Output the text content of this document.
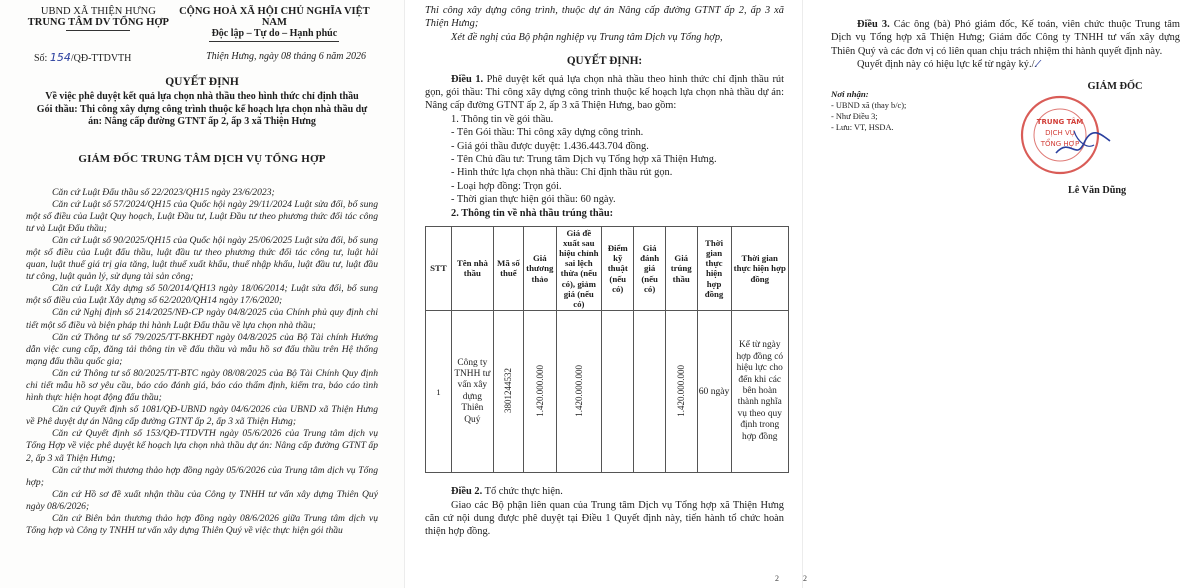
UBND XÃ THIỆN HƯNG
TRUNG TÂM DV TỔNG HỢP
CỘNG HOÀ XÃ HỘI CHỦ NGHĨA VIỆT NAM
Độc lập – Tự do – Hạnh phúc
Số: 154/QĐ-TTDVTH	Thiện Hưng, ngày 08 tháng 6 năm 2026
QUYẾT ĐỊNH
Về việc phê duyệt kết quả lựa chọn nhà thầu theo hình thức chỉ định thầu
Gói thầu: Thi công xây dựng công trình thuộc kế hoạch lựa chọn nhà thầu dự
án: Nâng cấp đường GTNT ấp 2, ấp 3 xã Thiện Hưng
GIÁM ĐỐC TRUNG TÂM DỊCH VỤ TỔNG HỢP

Căn cứ Luật Đấu thầu số 22/2023/QH15 ngày 23/6/2023;

Căn cứ Luật số 57/2024/QH15 của Quốc hội ngày 29/11/2024 Luật sửa đổi, bổ sung một số điều của Luật Quy hoạch, Luật Đầu tư, Luật Đầu tư theo phương thức đối tác công tư và Luật Đấu thầu;

Căn cứ Luật số 90/2025/QH15 của Quốc hội ngày 25/06/2025 Luật sửa đổi, bổ sung một số điều của Luật đấu thầu, luật đầu tư theo phương thức đối tác công tư, luật hải quan, luật thuế giá trị gia tăng, luật thuế xuất khẩu, thuế nhập khẩu, luật đầu tư, luật đầu tư công, luật quản lý, sử dụng tài sản công;

Căn cứ Luật Xây dựng số 50/2014/QH13 ngày 18/06/2014; Luật sửa đổi, bổ sung một số điều của Luật Xây dựng số 62/2020/QH14 ngày 17/6/2020;

Căn cứ Nghị định số 214/2025/NĐ-CP ngày 04/8/2025 của Chính phủ quy định chi tiết một số điều và biện pháp thi hành Luật Đấu thầu về lựa chọn nhà thầu;

Căn cứ Thông tư số 79/2025/TT-BKHĐT ngày 04/8/2025 của Bộ Tài chính Hướng dẫn việc cung cấp, đăng tải thông tin về đấu thầu và mẫu hồ sơ đấu thầu trên Hệ thống mạng đấu thầu quốc gia;

Căn cứ Thông tư số 80/2025/TT-BTC ngày 08/08/2025 của Bộ Tài Chính Quy định chi tiết mẫu hồ sơ yêu cầu, báo cáo đánh giá, báo cáo thẩm định, kiểm tra, báo cáo tình hình thực hiện hoạt động đấu thầu;

Căn cứ Quyết định số 1081/QĐ-UBND ngày 04/6/2026 của UBND xã Thiện Hưng về Phê duyệt dự án Nâng cấp đường GTNT ấp 2, ấp 3 xã Thiện Hưng;

Căn cứ Quyết định số 153/QĐ-TTDVTH ngày 05/6/2026 của Trung tâm dịch vụ Tổng Hợp về việc phê duyệt kế hoạch lựa chọn nhà thầu dự án: Nâng cấp đường GTNT ấp 2, ấp 3 xã Thiện Hưng;

Căn cứ thư mời thương thảo hợp đồng ngày 05/6/2026 của Trung tâm dịch vụ Tổng hợp;

Căn cứ Hồ sơ đề xuất nhận thầu của Công ty TNHH tư vấn xây dựng Thiên Quý ngày 08/6/2026;

Căn cứ Biên bản thương thảo hợp đồng ngày 08/6/2026 giữa Trung tâm dịch vụ Tổng hợp và Công ty TNHH tư vấn xây dựng Thiên Quý về việc thực hiện gói thầu

Thi công xây dựng công trình, thuộc dự án Nâng cấp đường GTNT ấp 2, ấp 3 xã Thiện Hưng;
Xét đề nghị của Bộ phận nghiệp vụ Trung tâm Dịch vụ Tổng hợp,
QUYẾT ĐỊNH:
Điều 1. Phê duyệt kết quả lựa chọn nhà thầu theo hình thức chỉ định thầu rút gọn, gói thầu: Thi công xây dựng công trình thuộc kế hoạch lựa chọn nhà thầu dự án: Nâng cấp đường GTNT ấp 2, ấp 3 xã Thiện Hưng, bao gồm:
1. Thông tin về gói thầu.
- Tên Gói thầu: Thi công xây dựng công trình.
- Giá gói thầu được duyệt: 1.436.443.704 đồng.
- Tên Chủ đầu tư: Trung tâm Dịch vụ Tổng hợp xã Thiện Hưng.
- Hình thức lựa chọn nhà thầu: Chỉ định thầu rút gọn.
- Loại hợp đồng: Trọn gói.
- Thời gian thực hiện gói thầu: 60 ngày.
2. Thông tin về nhà thầu trúng thầu:
STT	Tên nhà thầu	Mã số thuế	Giá thương thảo	Giá đề xuất sau hiệu chỉnh sai lệch thừa (nếu có), giảm giá (nếu có)	Điểm kỹ thuật (nếu có)	Giá đánh giá (nếu có)	Giá trúng thầu	Thời gian thực hiện hợp đồng	Thời gian thực hiện hợp đồng
1	Công ty TNHH tư vấn xây dựng Thiên Quý	3801244532	1.420.000.000	1.420.000.000			1.420.000.000	60 ngày	Kể từ ngày hợp đồng có hiệu lực cho đến khi các bên hoàn thành nghĩa vụ theo quy định trong hợp đồng
Điều 2. Tổ chức thực hiện.
Giao các Bộ phận liên quan của Trung tâm Dịch vụ Tổng hợp xã Thiện Hưng căn cứ nội dung được phê duyệt tại Điều 1 Quyết định này, tiến hành tổ chức hoàn thiện hợp đồng.
2
Điều 3. Các ông (bà) Phó giám đốc, Kế toán, viên chức thuộc Trung tâm Dịch vụ Tổng hợp xã Thiện Hưng; Giám đốc Công ty TNHH tư vấn xây dựng Thiên Quý và các đơn vị có liên quan chịu trách nhiệm thi hành quyết định này.
Quyết định này có hiệu lực kể từ ngày ký./.⁄
Nơi nhận:
- UBND xã (thay b/c);
- Như Điều 3;
- Lưu: VT, HSDA.
GIÁM ĐỐC
TRUNG TÂM
DỊCH VỤ
TỔNG HỢP
Lê Văn Dũng
2
